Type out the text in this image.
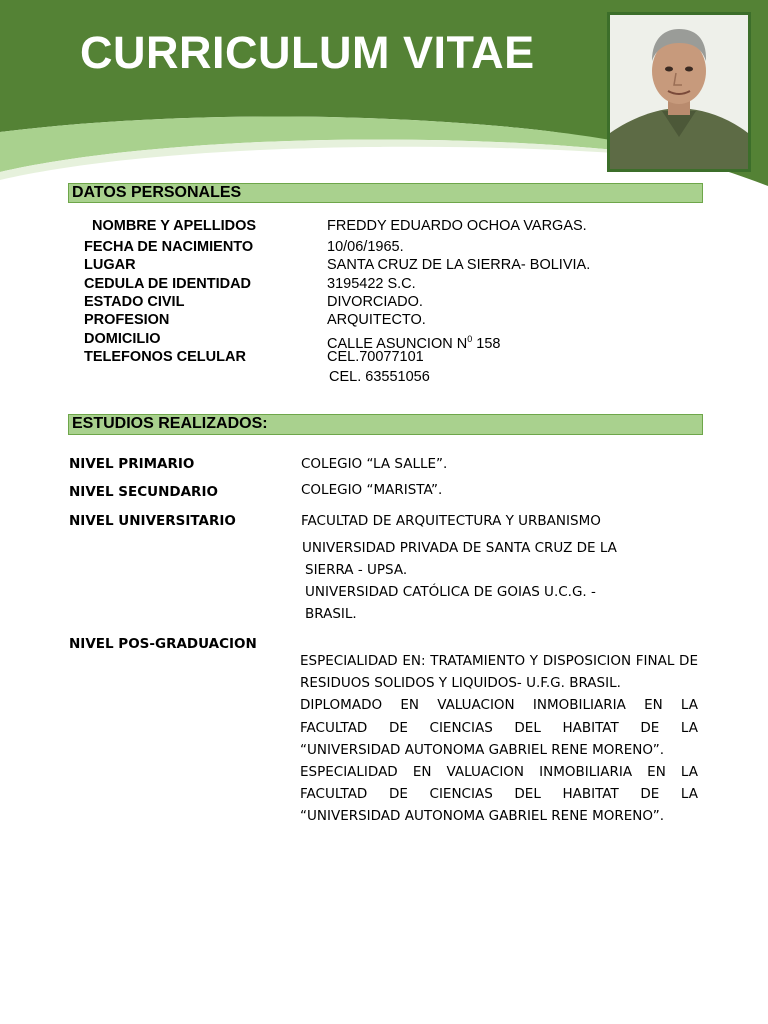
CURRICULUM VITAE
DATOS PERSONALES
NOMBRE Y APELLIDOS	FREDDY EDUARDO OCHOA VARGAS.
FECHA DE NACIMIENTO	10/06/1965.
LUGAR	SANTA CRUZ DE LA SIERRA- BOLIVIA.
CEDULA DE IDENTIDAD	3195422 S.C.
ESTADO CIVIL	DIVORCIADO.
PROFESION	ARQUITECTO.
DOMICILIO	CALLE ASUNCION $N^0$ 158
TELEFONOS CELULAR	CEL.70077101
CEL. 63551056
ESTUDIOS REALIZADOS:
NIVEL PRIMARIO	COLEGIO “LA SALLE”.
NIVEL SECUNDARIO	COLEGIO “MARISTA”.
NIVEL UNIVERSITARIO	FACULTAD DE ARQUITECTURA Y URBANISMO
UNIVERSIDAD PRIVADA DE SANTA CRUZ DE LA
SIERRA - UPSA.
UNIVERSIDAD CATÓLICA DE GOIAS U.C.G. -
BRASIL.
NIVEL POS-GRADUACION

ESPECIALIDAD EN: TRATAMIENTO Y DISPOSICION FINAL DE RESIDUOS SOLIDOS Y LIQUIDOS- U.F.G. BRASIL.

DIPLOMADO EN VALUACION INMOBILIARIA EN LA FACULTAD DE CIENCIAS DEL HABITAT DE LA “UNIVERSIDAD AUTONOMA GABRIEL RENE MORENO”.

ESPECIALIDAD EN VALUACION INMOBILIARIA EN LA FACULTAD DE CIENCIAS DEL HABITAT DE LA “UNIVERSIDAD AUTONOMA GABRIEL RENE MORENO”.
